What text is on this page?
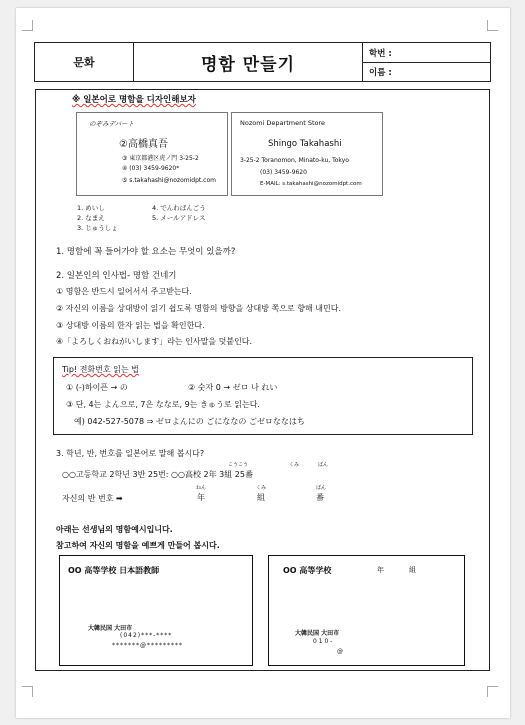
문화	명함 만들기
학번 :
이름 :
※ 일본어로 명함을 디자인해보자
のぞみデパート
②高橋真吾
③ 東京都港区虎ノ門 3-25-2
④ (03) 3459-9620*
⑤ s.takahashi@nozomidpt.com
Nozomi Department Store
Shingo Takahashi
3-25-2 Toranomon, Minato-ku, Tokyo
(03) 3459-9620
E-MAIL: s.takahashi@nozomidpt.com
1. めいし
2. なまえ
3. じゅうしょ
4. でんわばんごう
5. メールアドレス
1. 명함에 꼭 들어가야 할 요소는 무엇이 있을까?
2. 일본인의 인사법- 명함 건네기
① 명함은 반드시 일어서서 주고받는다.
② 자신의 이름을 상대방이 읽기 쉽도록 명함의 방향을 상대방 쪽으로 향해 내민다.
③ 상대방 이름의 한자 읽는 법을 확인한다.
④「よろしくおねがいします」라는 인사말을 덧붙인다.
Tip! 전화번호 읽는 법
① (-)하이픈 → の	② 숫자 0 → ゼロ 나 れい
③ 단, 4는 よん으로, 7은 なな로, 9는 きゅう로 읽는다.
예) 042-527-5078 ⇒ ゼロよんにの ごにななの ごゼロななはち
3. 학년, 반, 번호를 일본어로 말해 봅시다?
こうこう	くみ	ばん
○○고등학교 2학년 3반 25번: ○○高校 2年 3組 25番
자신의 반 번호 ➡
ねん	くみ	ばん
年	組	番
아래는 선생님의 명함예시입니다.
참고하여 자신의 명함을 예쁘게 만들어 봅시다.
OO 高等学校 日本語教師
大韓民国 大田市
(042)***-****
*******@*********
OO 高等学校	年	組
大韓民国 大田市
0 1 0 -
@
